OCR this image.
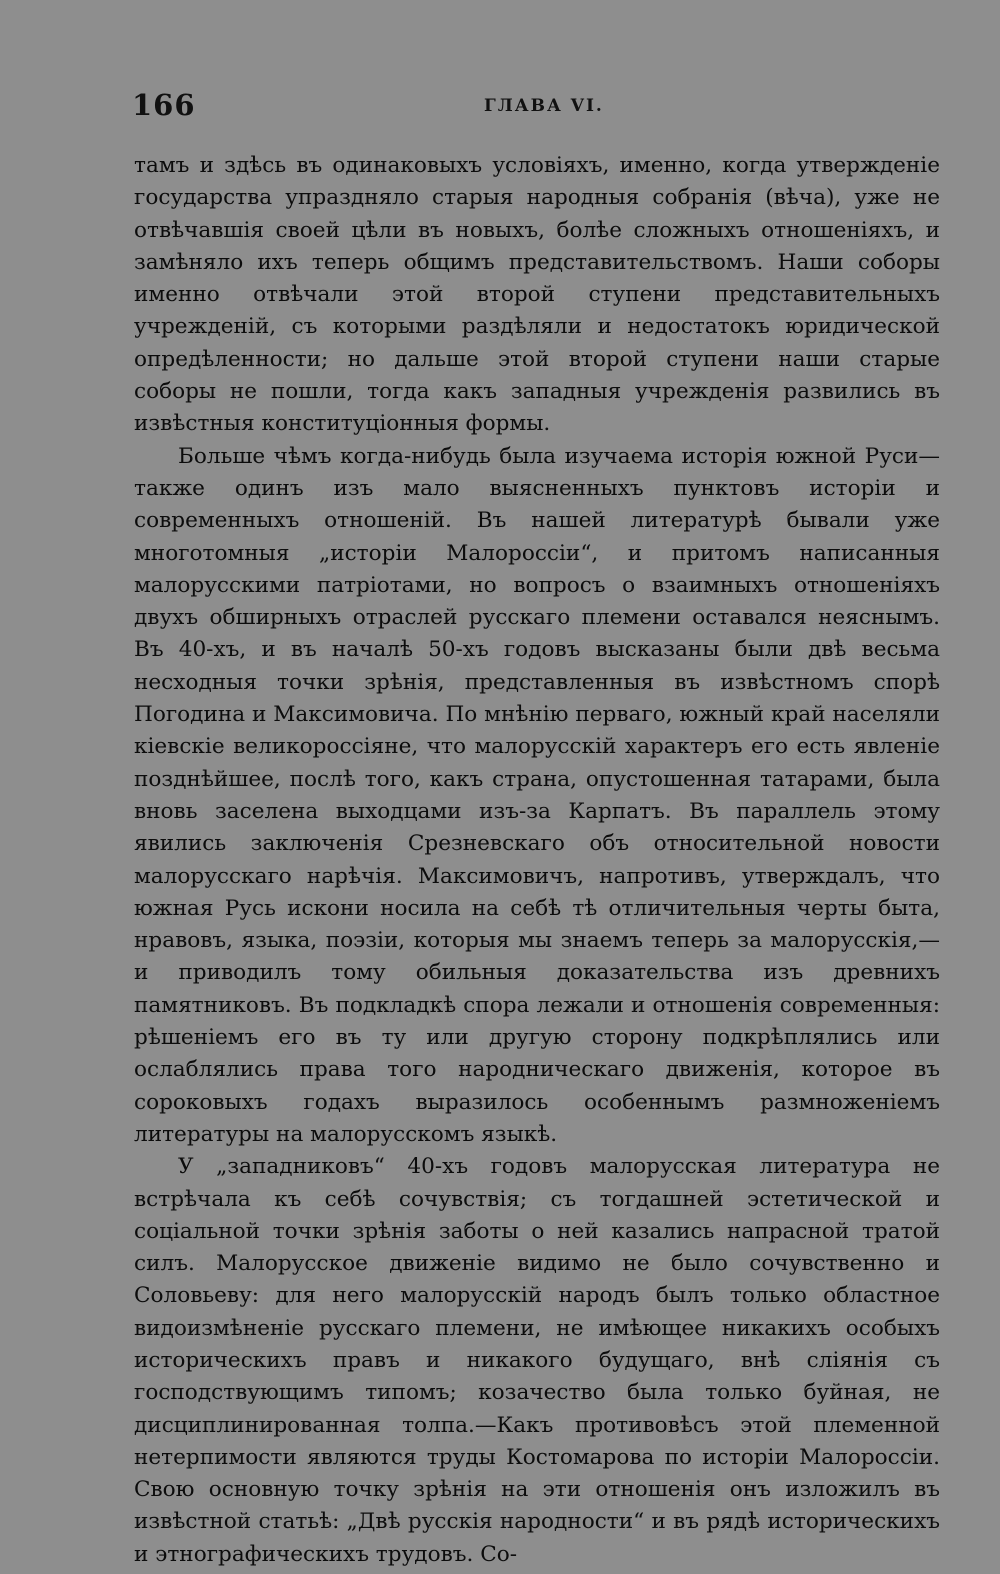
166	ГЛАВА VI.

тамъ и здѣсь въ одинаковыхъ условіяхъ, именно, когда утвержденіе государства упраздняло старыя народныя собранія (вѣча), уже не отвѣчавшія своей цѣли въ новыхъ, болѣе сложныхъ отношеніяхъ, и замѣняло ихъ теперь общимъ представительствомъ. Наши соборы именно отвѣчали этой второй ступени представительныхъ учрежденій, съ которыми раздѣляли и недостатокъ юридической опредѣленности; но дальше этой второй ступени наши старые соборы не пошли, тогда какъ западныя учрежденія развились въ извѣстныя конституціонныя формы.

Больше чѣмъ когда-нибудь была изучаема исторія южной Руси—также одинъ изъ мало выясненныхъ пунктовъ исторіи и современныхъ отношеній. Въ нашей литературѣ бывали уже многотомныя „исторіи Малороссіи“, и притомъ написанныя малорусскими патріотами, но вопросъ о взаимныхъ отношеніяхъ двухъ обширныхъ отраслей русскаго племени оставался неяснымъ. Въ 40-хъ, и въ началѣ 50-хъ годовъ высказаны были двѣ весьма несходныя точки зрѣнія, представленныя въ извѣстномъ спорѣ Погодина и Максимовича. По мнѣнію перваго, южный край населяли кіевскіе великороссіяне, что малорусскій характеръ его есть явленіе позднѣйшее, послѣ того, какъ страна, опустошенная татарами, была вновь заселена выходцами изъ-за Карпатъ. Въ параллель этому явились заключенія Срезневскаго объ относительной новости малорусскаго нарѣчія. Максимовичъ, напротивъ, утверждалъ, что южная Русь искони носила на себѣ тѣ отличительныя черты быта, нравовъ, языка, поэзіи, которыя мы знаемъ теперь за малорусскія,—и приводилъ тому обильныя доказательства изъ древнихъ памятниковъ. Въ подкладкѣ спора лежали и отношенія современныя: рѣшеніемъ его въ ту или другую сторону подкрѣплялись или ослаблялись права того народническаго движенія, которое въ сороковыхъ годахъ выразилось особеннымъ размноженіемъ литературы на малорусскомъ языкѣ.

У „западниковъ“ 40-хъ годовъ малорусская литература не встрѣчала къ себѣ сочувствія; съ тогдашней эстетической и соціальной точки зрѣнія заботы о ней казались напрасной тратой силъ. Малорусское движеніе видимо не было сочувственно и Соловьеву: для него малорусскій народъ былъ только областное видоизмѣненіе русскаго племени, не имѣющее никакихъ особыхъ историческихъ правъ и никакого будущаго, внѣ слiянія съ господствующимъ типомъ; козачество была только буйная, не дисциплинированная толпа.—Какъ противовѣсъ этой племенной нетерпимости являются труды Костомарова по исторіи Малороссіи. Свою основную точку зрѣнія на эти отношенія онъ изложилъ въ извѣстной статьѣ: „Двѣ русскія народности“ и въ рядѣ историческихъ и этнографическихъ трудовъ. Со-
